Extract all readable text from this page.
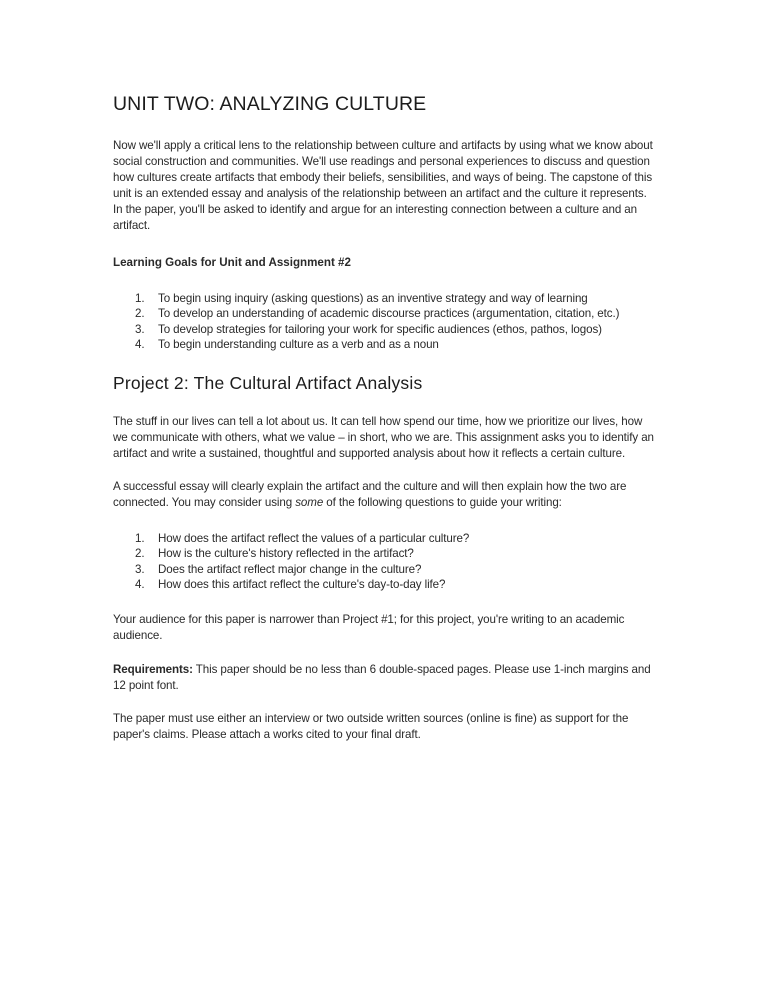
UNIT TWO: ANALYZING CULTURE

Now we'll apply a critical lens to the relationship between culture and artifacts by using what we know about social construction and communities. We'll use readings and personal experiences to discuss and question how cultures create artifacts that embody their beliefs, sensibilities, and ways of being. The capstone of this unit is an extended essay and analysis of the relationship between an artifact and the culture it represents. In the paper, you'll be asked to identify and argue for an interesting connection between a culture and an artifact.

Learning Goals for Unit and Assignment #2
1. To begin using inquiry (asking questions) as an inventive strategy and way of learning
2. To develop an understanding of academic discourse practices (argumentation, citation, etc.)
3. To develop strategies for tailoring your work for specific audiences (ethos, pathos, logos)
4. To begin understanding culture as a verb and as a noun
Project 2: The Cultural Artifact Analysis

The stuff in our lives can tell a lot about us. It can tell how spend our time, how we prioritize our lives, how we communicate with others, what we value – in short, who we are. This assignment asks you to identify an artifact and write a sustained, thoughtful and supported analysis about how it reflects a certain culture.

A successful essay will clearly explain the artifact and the culture and will then explain how the two are connected. You may consider using some of the following questions to guide your writing:

1. How does the artifact reflect the values of a particular culture?
2. How is the culture's history reflected in the artifact?
3. Does the artifact reflect major change in the culture?
4. How does this artifact reflect the culture's day-to-day life?

Your audience for this paper is narrower than Project #1; for this project, you're writing to an academic audience.

Requirements: This paper should be no less than 6 double-spaced pages. Please use 1-inch margins and 12 point font.

The paper must use either an interview or two outside written sources (online is fine) as support for the paper's claims. Please attach a works cited to your final draft.
